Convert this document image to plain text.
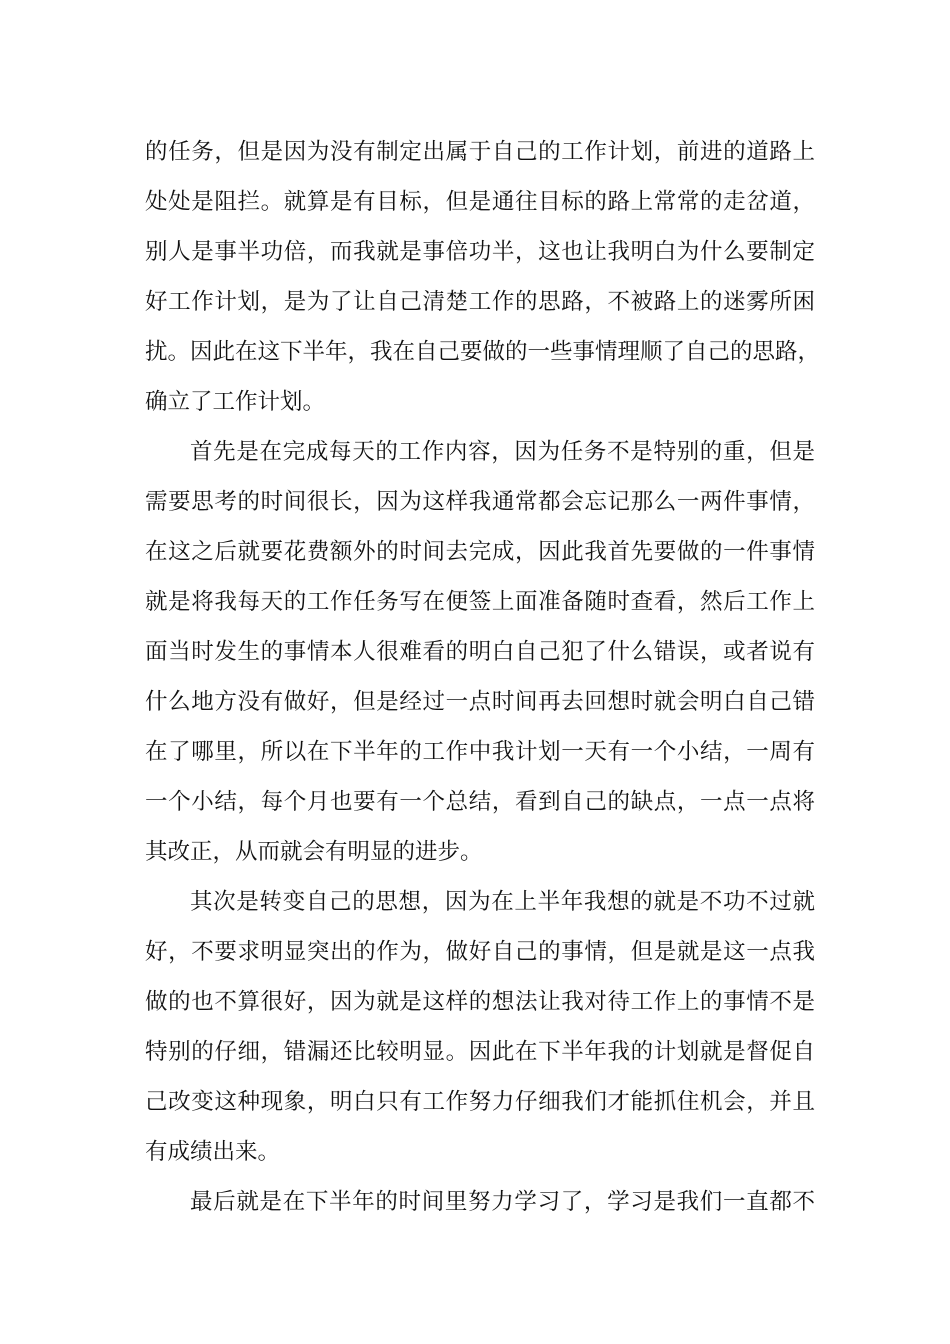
的任务，但是因为没有制定出属于自己的工作计划，前进的道路上
处处是阻拦。就算是有目标，但是通往目标的路上常常的走岔道，
别人是事半功倍，而我就是事倍功半，这也让我明白为什么要制定
好工作计划，是为了让自己清楚工作的思路，不被路上的迷雾所困
扰。因此在这下半年，我在自己要做的一些事情理顺了自己的思路，
确立了工作计划。
首先是在完成每天的工作内容，因为任务不是特别的重，但是
需要思考的时间很长，因为这样我通常都会忘记那么一两件事情，
在这之后就要花费额外的时间去完成，因此我首先要做的一件事情
就是将我每天的工作任务写在便签上面准备随时查看，然后工作上
面当时发生的事情本人很难看的明白自己犯了什么错误，或者说有
什么地方没有做好，但是经过一点时间再去回想时就会明白自己错
在了哪里，所以在下半年的工作中我计划一天有一个小结，一周有
一个小结，每个月也要有一个总结，看到自己的缺点，一点一点将
其改正，从而就会有明显的进步。
其次是转变自己的思想，因为在上半年我想的就是不功不过就
好，不要求明显突出的作为，做好自己的事情，但是就是这一点我
做的也不算很好，因为就是这样的想法让我对待工作上的事情不是
特别的仔细，错漏还比较明显。因此在下半年我的计划就是督促自
己改变这种现象，明白只有工作努力仔细我们才能抓住机会，并且
有成绩出来。
最后就是在下半年的时间里努力学习了，学习是我们一直都不
